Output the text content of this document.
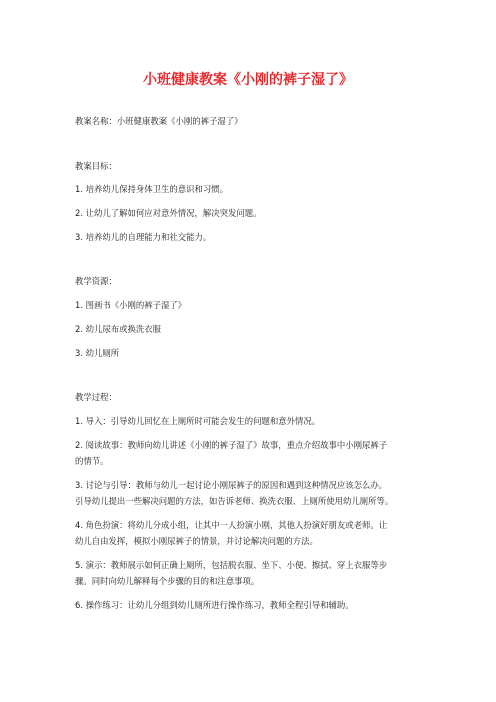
小班健康教案《小刚的裤子湿了》
教案名称：小班健康教案《小刚的裤子湿了》
教案目标：
1. 培养幼儿保持身体卫生的意识和习惯。
2. 让幼儿了解如何应对意外情况，解决突发问题。
3. 培养幼儿的自理能力和社交能力。
教学资源：
1. 图画书《小刚的裤子湿了》
2. 幼儿尿布或换洗衣服
3. 幼儿厕所
教学过程：
1. 导入：引导幼儿回忆在上厕所时可能会发生的问题和意外情况。
2. 阅读故事：教师向幼儿讲述《小刚的裤子湿了》故事，重点介绍故事中小刚尿裤子
的情节。
3. 讨论与引导：教师与幼儿一起讨论小刚尿裤子的原因和遇到这种情况应该怎么办。
引导幼儿提出一些解决问题的方法，如告诉老师、换洗衣服、上厕所使用幼儿厕所等。
4. 角色扮演：将幼儿分成小组，让其中一人扮演小刚，其他人扮演好朋友或老师。让
幼儿自由发挥，模拟小刚尿裤子的情景，并讨论解决问题的方法。
5. 演示：教师展示如何正确上厕所，包括脱衣服、坐下、小便、擦拭、穿上衣服等步
骤。同时向幼儿解释每个步骤的目的和注意事项。
6. 操作练习：让幼儿分组到幼儿厕所进行操作练习，教师全程引导和辅助。
